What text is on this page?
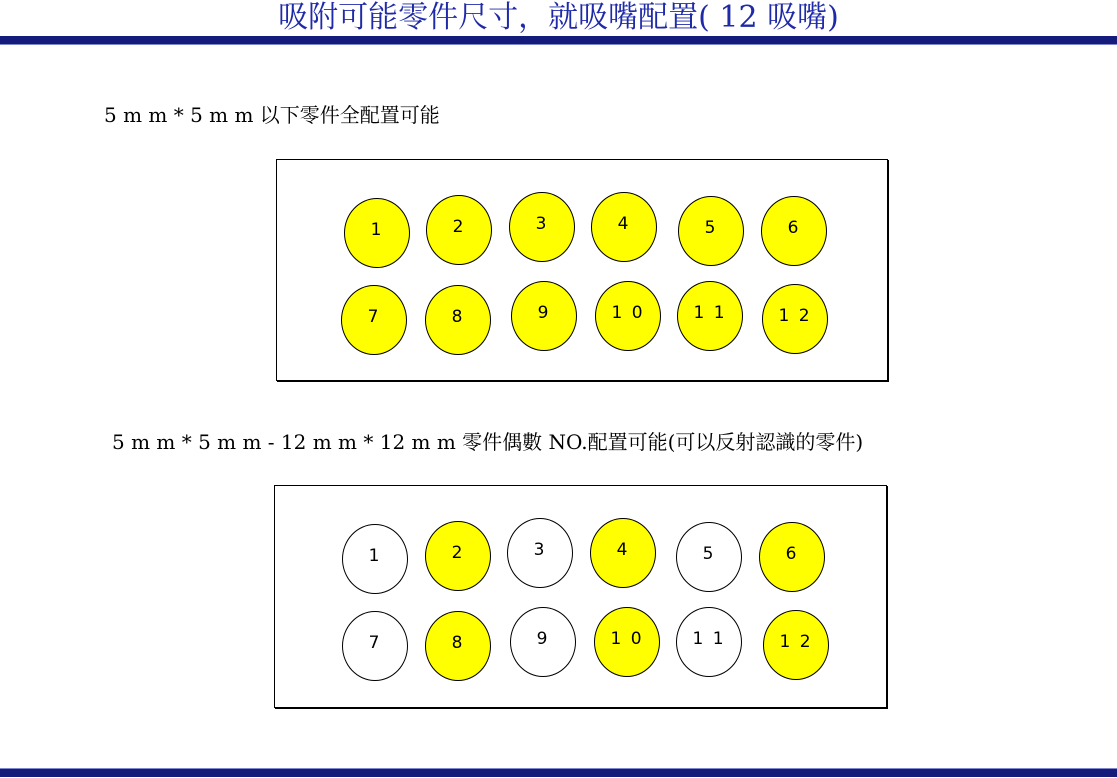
吸附可能零件尺寸，就吸嘴配置( 12 吸嘴)
5 m m * 5 m m 以下零件全配置可能
1	2	3	4	5	6
7	8	9	1 0	1 1	1 2
5 m m * 5 m m - 12 m m * 12 m m 零件偶數 NO.配置可能(可以反射認識的零件)
1	2	3	4	5	6
7	8	9	1 0	1 1	1 2
